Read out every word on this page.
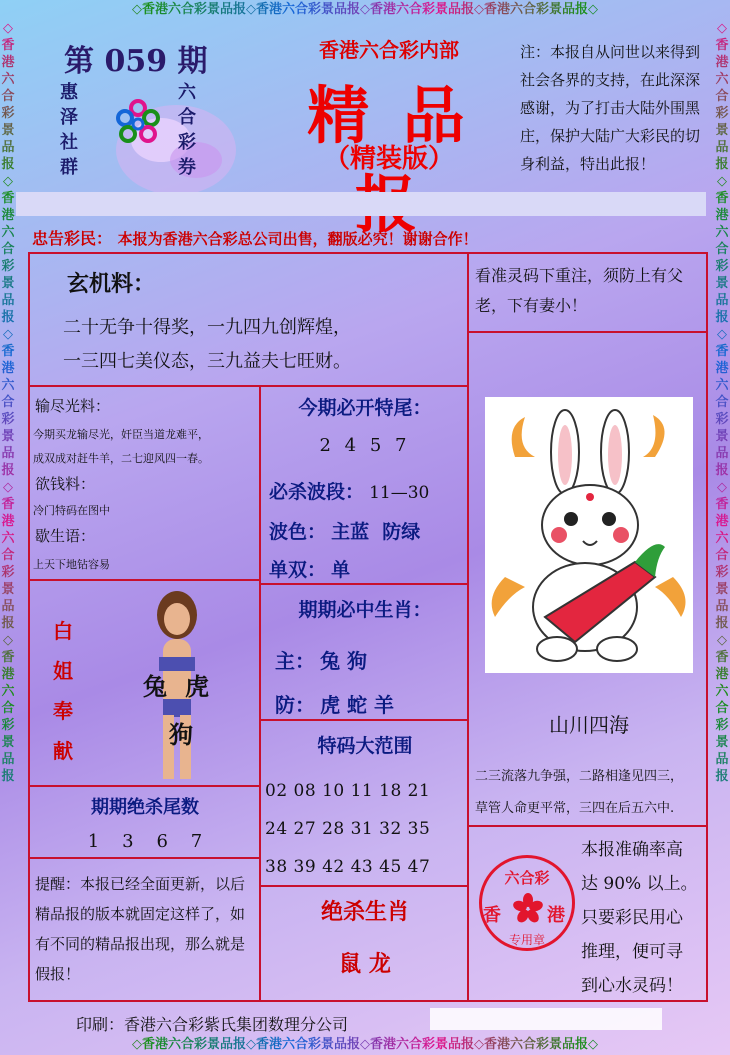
◇香港六合彩景品报◇香港六合彩景品报◇香港六合彩景品报◇香港六合彩景品报◇
◇香港六合彩景品报◇香港六合彩景品报◇香港六合彩景品报◇香港六合彩景品报◇
◇香港六合彩景品报◇香港六合彩景品报◇香港六合彩景品报◇香港六合彩景品报◇香港六合彩景品报
◇香港六合彩景品报◇香港六合彩景品报◇香港六合彩景品报◇香港六合彩景品报◇香港六合彩景品报
第 059 期
惠泽社群
六合彩券
香港六合彩内部
精 品
（精装版）
注：本报自从问世以来得到社会各界的支持，在此深深感谢，为了打击大陆外围黑庄，保护大陆广大彩民的切身利益，特出此报！
忠告彩民： 本报为香港六合彩总公司出售，翻版必究！谢谢合作！
玄机料：
二十无争十得奖，一九四九创辉煌，
一三四七美仪态，三九益夫七旺财。
看准灵码下重注，须防上有父老，下有妻小！
山川四海
二三流落九争强，二路相逢见四三，
草管人命更平常，三四在后五六中.
输尽光料：
今期买龙输尽光，奸臣当道龙难平，
成双成对赶牛羊，二七迎风四一春。
欲钱料：
冷门特码在图中
歇生语：
上天下地钻容易
今期必开特尾：
2 4 5 7
必杀波段： 11—30
波色： 主蓝 防绿
单双： 单
白姐奉献
兔 虎
狗
期期必中生肖：
主： 兔 狗
防： 虎 蛇 羊
特码大范围
02 08 10 11 18 21
24 27 28 31 32 35
38 39 42 43 45 47
期期绝杀尾数
1    3    6    7
提醒：本报已经全面更新，以后精品报的版本就固定这样了，如有不同的精品报出现，那么就是假报！
绝杀生肖
鼠 龙
六合彩
香	港
专用章
本报准确率高
达 90% 以上。
只要彩民用心
推理，便可寻
到心水灵码！
印刷：香港六合彩紫氏集团数理分公司
